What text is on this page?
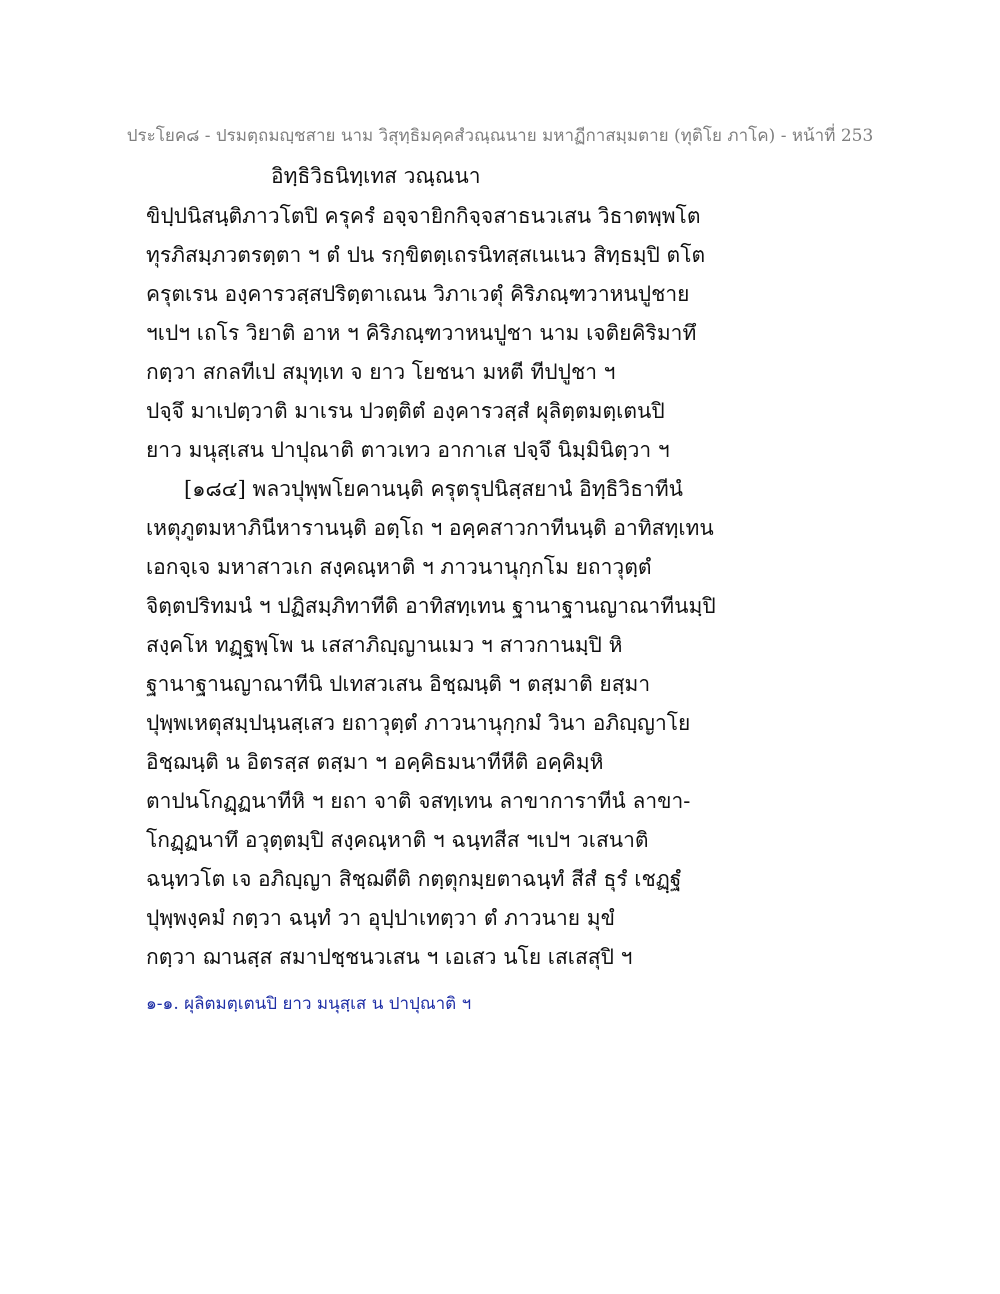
ประโยค๘ - ปรมตฺถมญฺชสาย นาม วิสุทฺธิมคฺคสํวณฺณนาย มหาฏีกาสมฺมตาย (ทุติโย ภาโค) - หน้าที่ 253
อิทฺธิวิธนิทฺเทส วณฺณนา
ขิปฺปนิสนฺติภาวโตปิ ครุครํ อจฺจายิกกิจฺจสาธนวเสน วิธาตพฺพโต
ทุรภิสมฺภวตรตฺตา ฯ ตํ ปน รกฺขิตตฺเถรนิทสฺสเนเนว สิทฺธมฺปิ ตโต
ครุตเรน องฺคารวสฺสปริตฺตาเณน วิภาเวตุํ คิริภณฺฑวาหนปูชาย
ฯเปฯ เถโร วิยาติ อาห ฯ คิริภณฺฑวาหนปูชา นาม เจติยคิริมาทึ
กตฺวา สกลทีเป สมุทฺเท จ ยาว โยชนา มหตี ทีปปูชา ฯ
ปจฺจึ มาเปตฺวาติ มาเรน ปวตฺติตํ องฺคารวสฺสํ ผุลิตฺตมตฺเตนปิ
ยาว มนุสฺเสน ปาปุณาติ ตาวเทว อากาเส ปจฺจึ นิมฺมินิตฺวา ฯ
[๑๘๔] พลวปุพฺพโยคานนฺติ ครุตรุปนิสฺสยานํ อิทฺธิวิธาทีนํ
เหตุภูตมหาภินีหารานนฺติ อตฺโถ ฯ อคฺคสาวกาทีนนฺติ อาทิสทฺเทน
เอกจฺเจ มหาสาวเก สงฺคณฺหาติ ฯ ภาวนานุกฺกโม ยถาวุตฺตํ
จิตฺตปริทมนํ ฯ ปฏิสมฺภิทาทีติ อาทิสทฺเทน ฐานาฐานญาณาทีนมฺปิ
สงฺคโห ทฏฺฐพฺโพ น เสสาภิญฺญานเมว ฯ สาวกานมฺปิ หิ
ฐานาฐานญาณาทีนิ ปเทสวเสน อิชฺฌนฺติ ฯ ตสฺมาติ ยสฺมา
ปุพฺพเหตุสมฺปนฺนสฺเสว ยถาวุตฺตํ ภาวนานุกฺกมํ วินา อภิญฺญาโย
อิชฺฌนฺติ น อิตรสฺส ตสฺมา ฯ อคฺคิธมนาทีหีติ อคฺคิมฺหิ
ตาปนโกฏฺฏนาทีหิ ฯ ยถา จาติ จสทฺเทน ลาขาการาทีนํ ลาขา-
โกฏฺฏนาทึ อวุตฺตมฺปิ สงฺคณฺหาติ ฯ ฉนฺทสีส ฯเปฯ วเสนาติ
ฉนฺทวโต เจ อภิญฺญา สิชฺฌตีติ กตฺตุกมฺยตาฉนฺทํ สีสํ ธุรํ เชฏฺฐํ
ปุพฺพงฺคมํ กตฺวา ฉนฺทํ วา อุปฺปาเทตฺวา ตํ ภาวนาย มุขํ
กตฺวา ฌานสฺส สมาปชฺชนวเสน ฯ เอเสว นโย เสเสสุปิ ฯ
๑-๑. ผุลิตมตฺเตนปิ ยาว มนุสฺเส น ปาปุณาติ ฯ
